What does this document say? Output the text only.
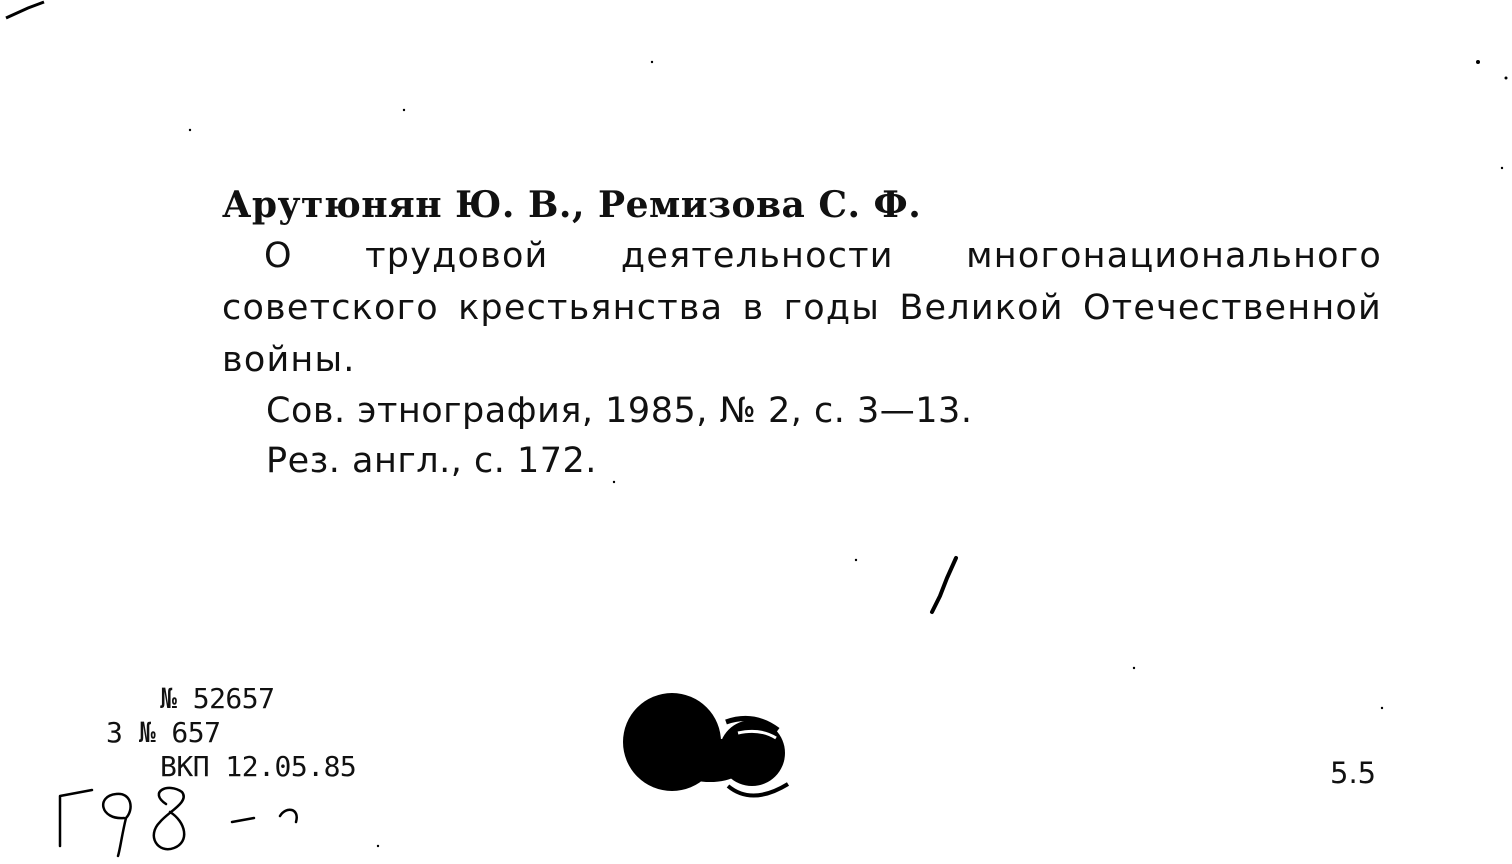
Арутюнян Ю. В., Ремизова С. Ф.

О трудовой деятельности многонационального советского крестьянства в годы Великой Отечественной войны.

Сов. этнография, 1985, № 2, с. 3—13.

Рез. англ., с. 172.

№ 52657
3 № 657
ВКП 12.05.85	5.5
